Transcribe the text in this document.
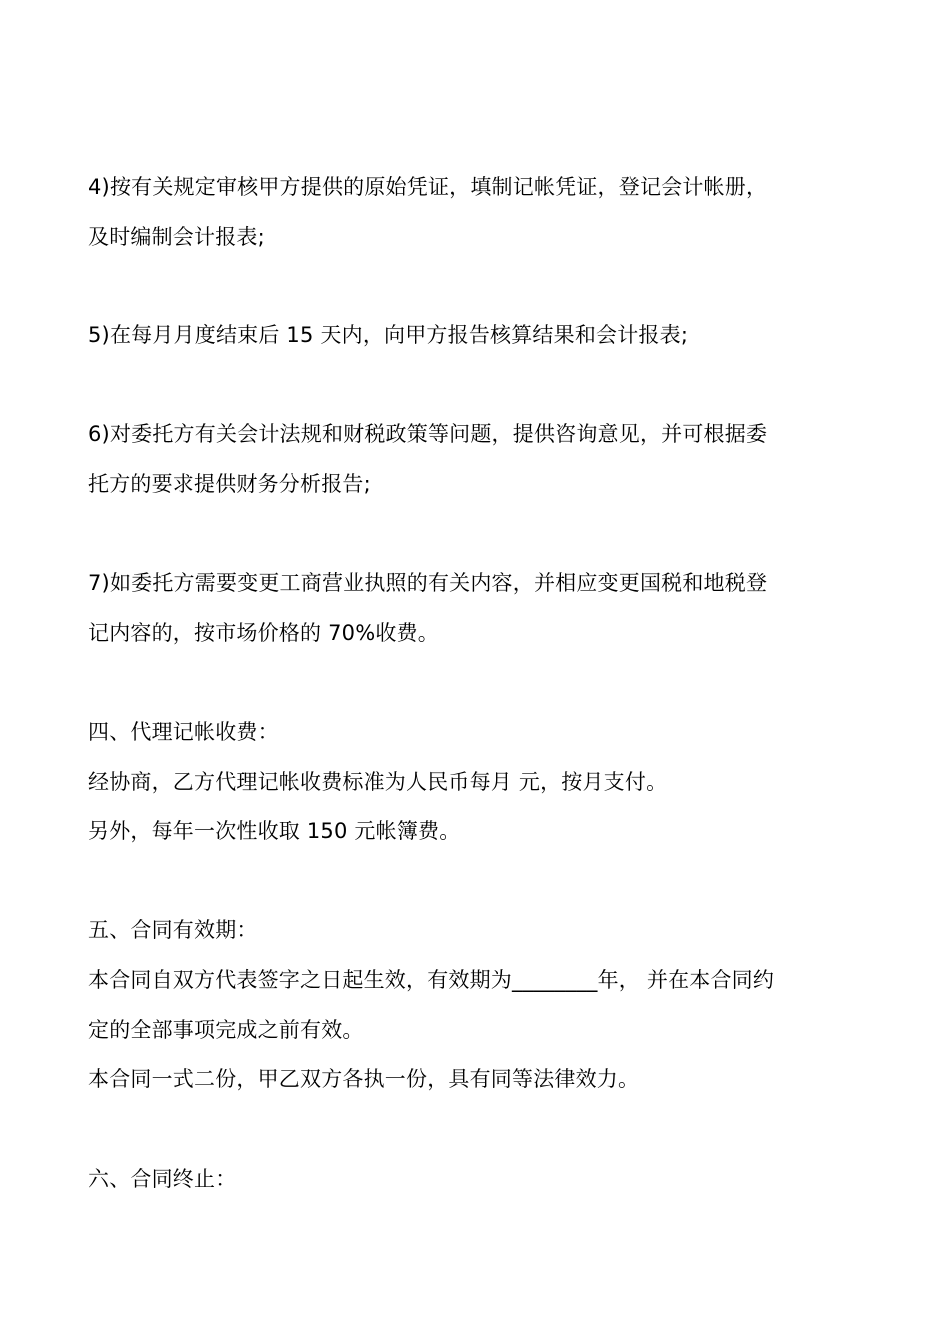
4)按有关规定审核甲方提供的原始凭证，填制记帐凭证，登记会计帐册，
及时编制会计报表;
5)在每月月度结束后 15 天内，向甲方报告核算结果和会计报表;
6)对委托方有关会计法规和财税政策等问题，提供咨询意见，并可根据委
托方的要求提供财务分析报告;
7)如委托方需要变更工商营业执照的有关内容，并相应变更国税和地税登
记内容的，按市场价格的 70%收费。
四、代理记帐收费：
经协商，乙方代理记帐收费标准为人民币每月 元，按月支付。
另外，每年一次性收取 150 元帐簿费。
五、合同有效期：
本合同自双方代表签字之日起生效，有效期为________年， 并在本合同约
定的全部事项完成之前有效。
本合同一式二份，甲乙双方各执一份，具有同等法律效力。
六、合同终止：
